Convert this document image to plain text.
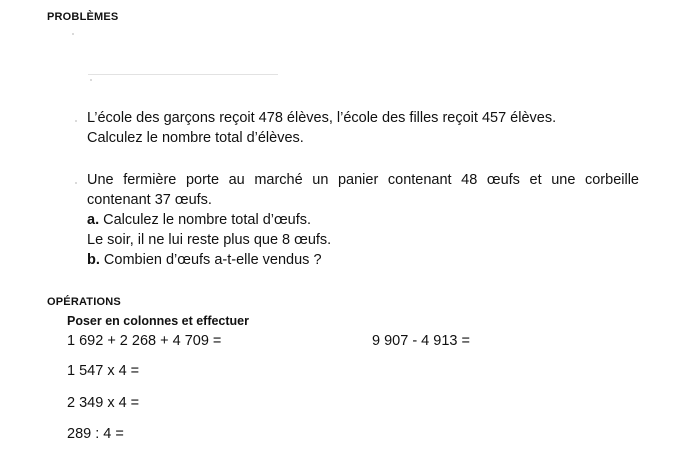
PROBLÈMES
L’école des garçons reçoit 478 élèves, l’école des filles reçoit 457 élèves.
Calculez le nombre total d’élèves.
Une fermière porte au marché un panier contenant 48 œufs et une corbeille
contenant 37 œufs.
a. Calculez le nombre total d’œufs.
Le soir, il ne lui reste plus que 8 œufs.
b. Combien d’œufs a-t-elle vendus ?
OPÉRATIONS
Poser en colonnes et effectuer
1 692 + 2 268 + 4 709 =	9 907 - 4 913 =
1 547 x 4 =
2 349 x 4 =
289 : 4 =
